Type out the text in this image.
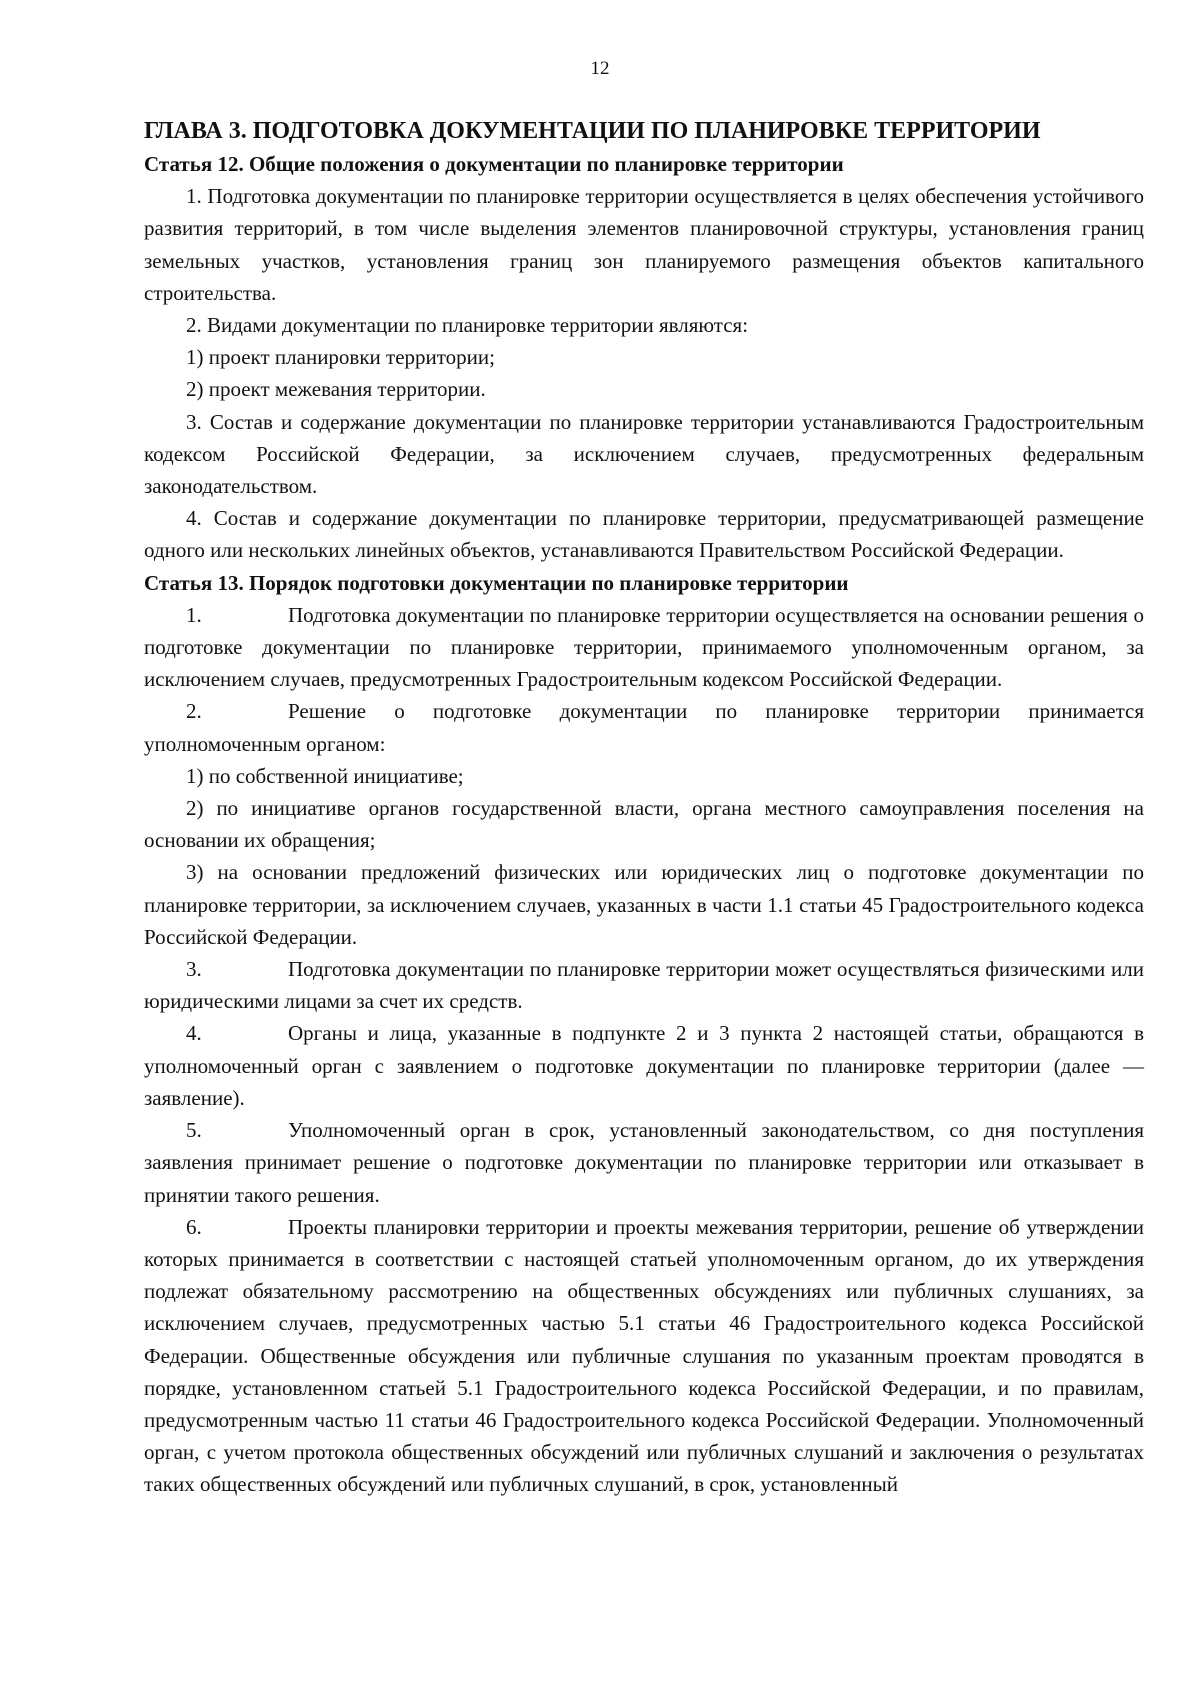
12
ГЛАВА 3. ПОДГОТОВКА ДОКУМЕНТАЦИИ ПО ПЛАНИРОВКЕ ТЕРРИТОРИИ
Статья 12. Общие положения о документации по планировке территории

1. Подготовка документации по планировке территории осуществляется в целях обеспечения устойчивого развития территорий, в том числе выделения элементов планировочной структуры, установления границ земельных участков, установления границ зон планируемого размещения объектов капитального строительства.

2. Видами документации по планировке территории являются:

1) проект планировки территории;

2) проект межевания территории.

3. Состав и содержание документации по планировке территории устанавливаются Градостроительным кодексом Российской Федерации, за исключением случаев, предусмотренных федеральным законодательством.

4. Состав и содержание документации по планировке территории, предусматривающей размещение одного или нескольких линейных объектов, устанавливаются Правительством Российской Федерации.

Статья 13. Порядок подготовки документации по планировке территории

1.	Подготовка документации по планировке территории осуществляется на основании решения о подготовке документации по планировке территории, принимаемого уполномоченным органом, за исключением случаев, предусмотренных Градостроительным кодексом Российской Федерации.

2.	Решение о подготовке документации по планировке территории принимается уполномоченным органом:

1) по собственной инициативе;

2) по инициативе органов государственной власти, органа местного самоуправления поселения на основании их обращения;

3) на основании предложений физических или юридических лиц о подготовке документации по планировке территории, за исключением случаев, указанных в части 1.1 статьи 45 Градостроительного кодекса Российской Федерации.

3.	Подготовка документации по планировке территории может осуществляться физическими или юридическими лицами за счет их средств.

4.	Органы и лица, указанные в подпункте 2 и 3 пункта 2 настоящей статьи, обращаются в уполномоченный орган с заявлением о подготовке документации по планировке территории (далее — заявление).

5.	Уполномоченный орган в срок, установленный законодательством, со дня поступления заявления принимает решение о подготовке документации по планировке территории или отказывает в принятии такого решения.

6.	Проекты планировки территории и проекты межевания территории, решение об утверждении которых принимается в соответствии с настоящей статьей уполномоченным органом, до их утверждения подлежат обязательному рассмотрению на общественных обсуждениях или публичных слушаниях, за исключением случаев, предусмотренных частью 5.1 статьи 46 Градостроительного кодекса Российской Федерации. Общественные обсуждения или публичные слушания по указанным проектам проводятся в порядке, установленном статьей 5.1 Градостроительного кодекса Российской Федерации, и по правилам, предусмотренным частью 11 статьи 46 Градостроительного кодекса Российской Федерации. Уполномоченный орган, с учетом протокола общественных обсуждений или публичных слушаний и заключения о результатах таких общественных обсуждений или публичных слушаний, в срок, установленный
